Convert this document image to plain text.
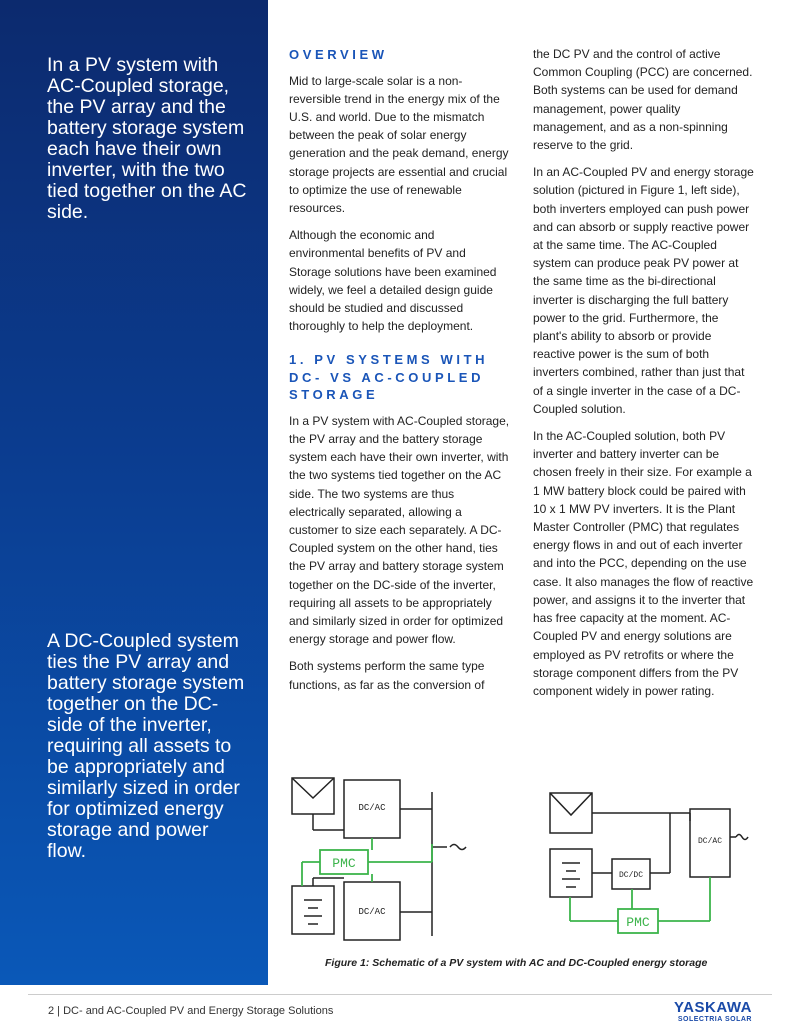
In a PV system with AC-Coupled storage, the PV array and the battery storage system each have their own inverter, with the two tied together on the AC side.
A DC-Coupled system ties the PV array and battery storage system together on the DC-side of the inverter, requiring all assets to be appropriately and similarly sized in order for optimized energy storage and power flow.
OVERVIEW

Mid to large-scale solar is a non-reversible trend in the energy mix of the U.S. and world. Due to the mismatch between the peak of solar energy generation and the peak demand, energy storage projects are essential and crucial to optimize the use of renewable resources.

Although the economic and environmental benefits of PV and Storage solutions have been examined widely, we feel a detailed design guide should be studied and discussed thoroughly to help the deployment.

1. PV SYSTEMS WITH DC- VS AC-COUPLED STORAGE

In a PV system with AC-Coupled storage, the PV array and the battery storage system each have their own inverter, with the two systems tied together on the AC side. The two systems are thus electrically separated, allowing a customer to size each separately. A DC-Coupled system on the other hand, ties the PV array and battery storage system together on the DC-side of the inverter, requiring all assets to be appropriately and similarly sized in order for optimized energy storage and power flow.

Both systems perform the same type functions, as far as the conversion of

the DC PV and the control of active Common Coupling (PCC) are concerned. Both systems can be used for demand management, power quality management, and as a non-spinning reserve to the grid.

In an AC-Coupled PV and energy storage solution (pictured in Figure 1, left side), both inverters employed can push power and can absorb or supply reactive power at the same time. The AC-Coupled system can produce peak PV power at the same time as the bi-directional inverter is discharging the full battery power to the grid. Furthermore, the plant's ability to absorb or provide reactive power is the sum of both inverters combined, rather than just that of a single inverter in the case of a DC-Coupled solution.

In the AC-Coupled solution, both PV inverter and battery inverter can be chosen freely in their size. For example a 1 MW battery block could be paired with 10 x 1 MW PV inverters. It is the Plant Master Controller (PMC) that regulates energy flows in and out of each inverter and into the PCC, depending on the use case. It also manages the flow of reactive power, and assigns it to the inverter that has free capacity at the moment. AC-Coupled PV and energy solutions are employed as PV retrofits or where the storage component differs from the PV component widely in power rating.

DC/AC
DC/AC
PMC
DC/AC
DC/DC
PMC
Figure 1: Schematic of a PV system with AC and DC-Coupled energy storage
2 | DC- and AC-Coupled PV and Energy Storage Solutions	YASKAWA
SOLECTRIA SOLAR
